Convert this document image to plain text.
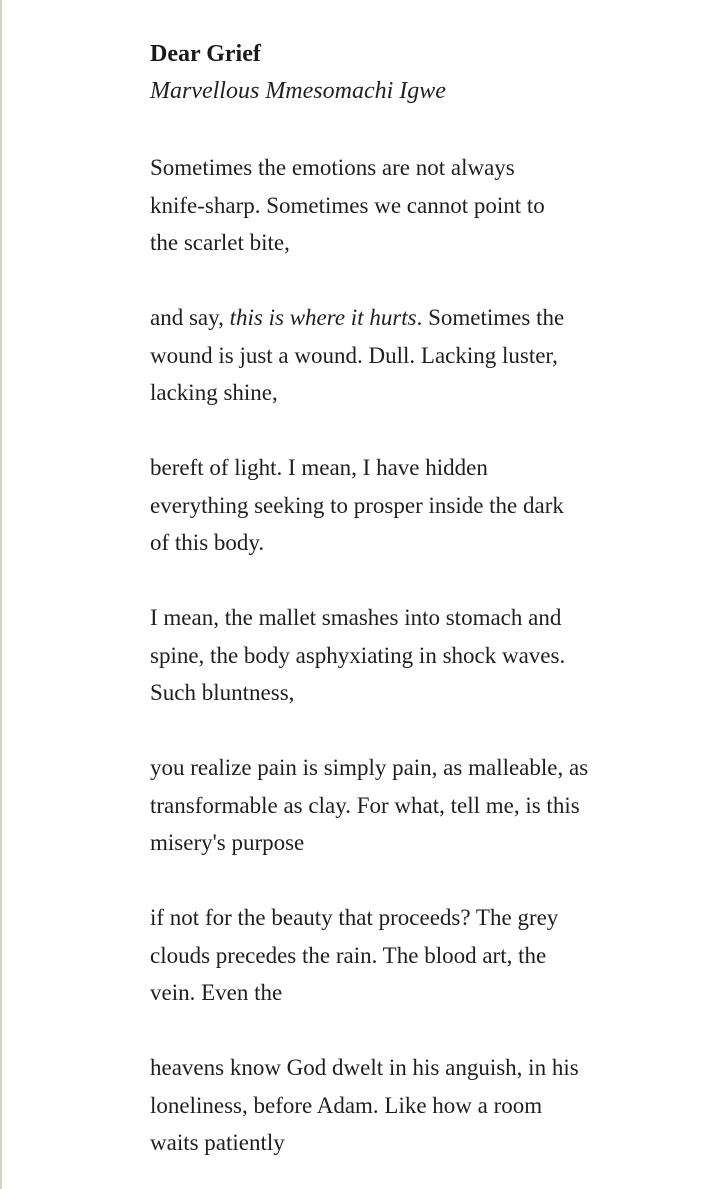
Dear Grief

Marvellous Mmesomachi Igwe

Sometimes the emotions are not always
knife-sharp. Sometimes we cannot point to
the scarlet bite,

and say, this is where it hurts. Sometimes the
wound is just a wound. Dull. Lacking luster,
lacking shine,

bereft of light. I mean, I have hidden
everything seeking to prosper inside the dark
of this body.

I mean, the mallet smashes into stomach and
spine, the body asphyxiating in shock waves.
Such bluntness,

you realize pain is simply pain, as malleable, as
transformable as clay. For what, tell me, is this
misery's purpose

if not for the beauty that proceeds? The grey
clouds precedes the rain. The blood art, the
vein. Even the

heavens know God dwelt in his anguish, in his
loneliness, before Adam. Like how a room
waits patiently
